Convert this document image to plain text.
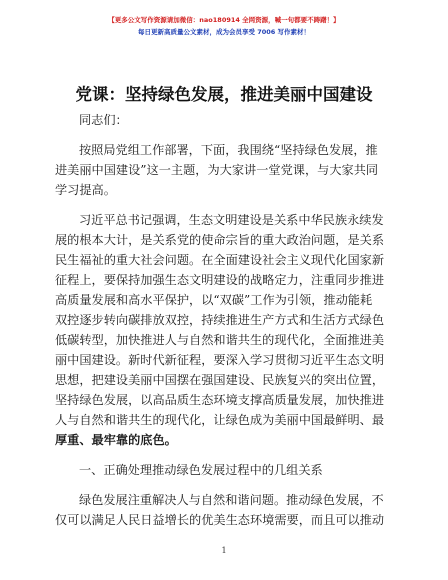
【更多公文写作资源请加微信：nao180914 全网资源，喊一句都要不踌躇！】
每日更新高质量公文素材，成为会员享受 7006 写作素材！
党课：坚持绿色发展，推进美丽中国建设
同志们：
按照局党组工作部署，下面，我围绕“坚持绿色发展，推
进美丽中国建设”这一主题，为大家讲一堂党课，与大家共同
学习提高。
习近平总书记强调，生态文明建设是关系中华民族永续发
展的根本大计，是关系党的使命宗旨的重大政治问题，是关系
民生福祉的重大社会问题。在全面建设社会主义现代化国家新
征程上，要保持加强生态文明建设的战略定力，注重同步推进
高质量发展和高水平保护，以“双碳”工作为引领，推动能耗
双控逐步转向碳排放双控，持续推进生产方式和生活方式绿色
低碳转型，加快推进人与自然和谐共生的现代化，全面推进美
丽中国建设。新时代新征程，要深入学习贯彻习近平生态文明
思想，把建设美丽中国摆在强国建设、民族复兴的突出位置，
坚持绿色发展，以高品质生态环境支撑高质量发展，加快推进
人与自然和谐共生的现代化，让绿色成为美丽中国最鲜明、最
厚重、最牢靠的底色。
一、正确处理推动绿色发展过程中的几组关系
绿色发展注重解决人与自然和谐问题。推动绿色发展，不
仅可以满足人民日益增长的优美生态环境需要，而且可以推动
1
